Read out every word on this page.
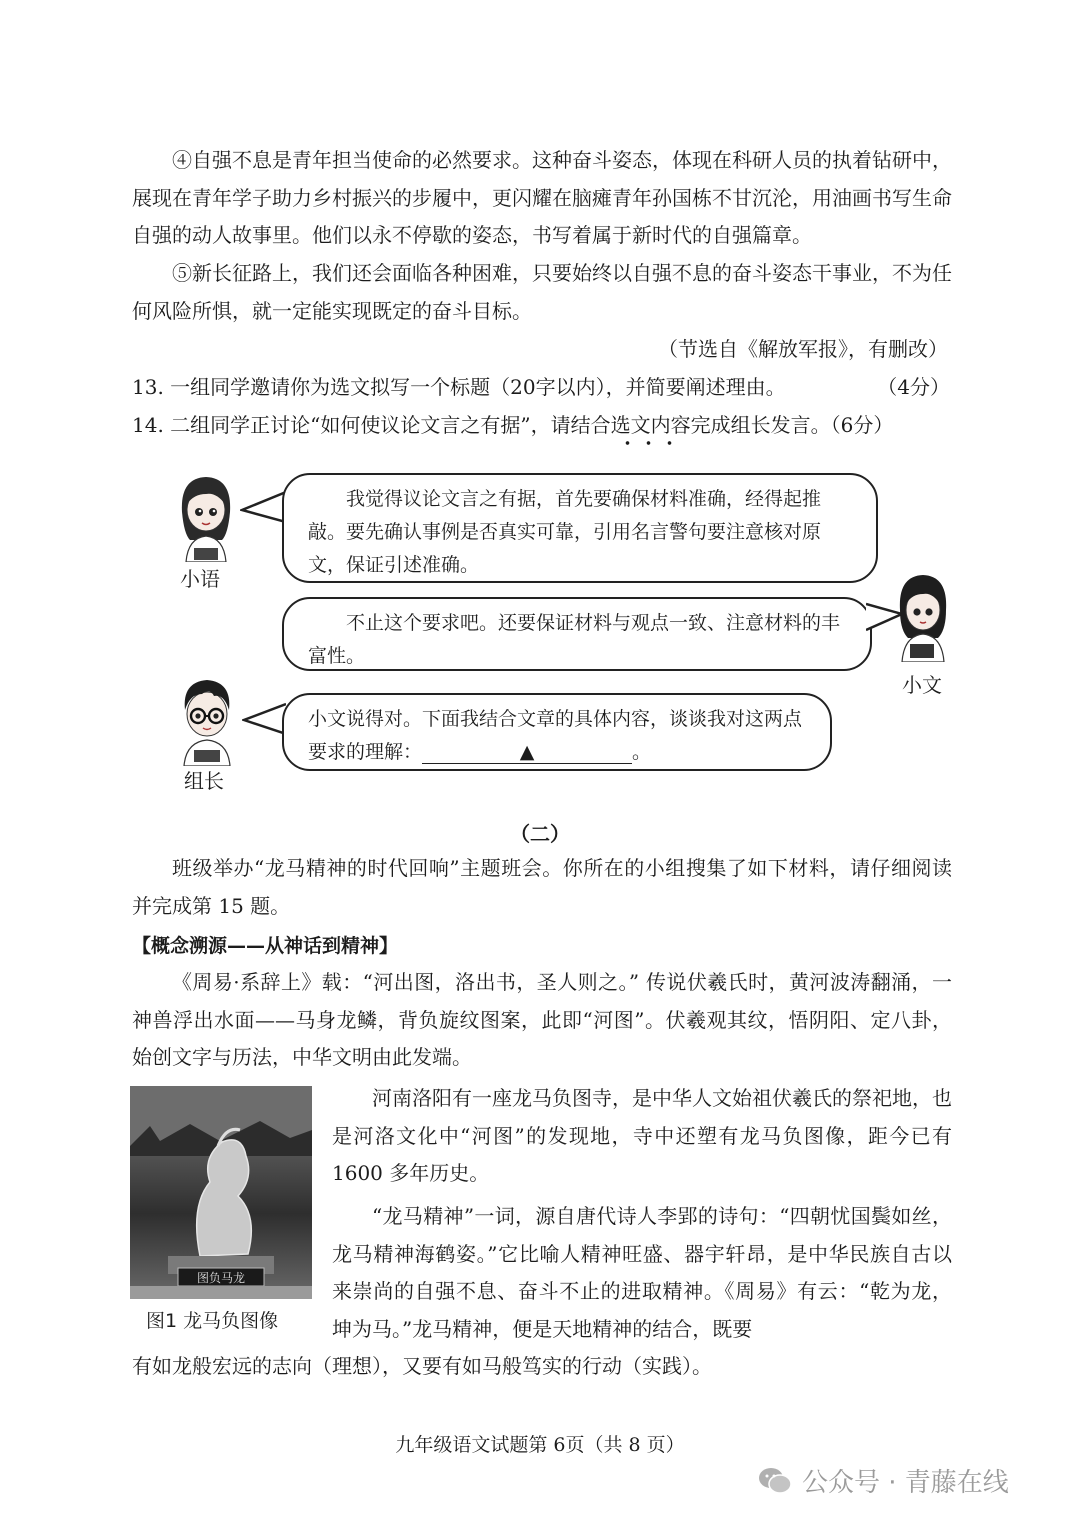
④自强不息是青年担当使命的必然要求。这种奋斗姿态，体现在科研人员的执着钻研中，展现在青年学子助力乡村振兴的步履中，更闪耀在脑瘫青年孙国栋不甘沉沦，用油画书写生命自强的动人故事里。他们以永不停歇的姿态，书写着属于新时代的自强篇章。

⑤新长征路上，我们还会面临各种困难，只要始终以自强不息的奋斗姿态干事业，不为任何风险所惧，就一定能实现既定的奋斗目标。

（节选自《解放军报》，有删改）

13. 一组同学邀请你为选文拟写一个标题（20字以内），并简要阐述理由。	（4分）

14. 二组同学正讨论“如何使议论文言之有据”，请结合选文内容完成组长发言。（6分）

小语

我觉得议论文言之有据，首先要确保材料准确，经得起推敲。要先确认事例是否真实可靠，引用名言警句要注意核对原文，保证引述准确。

不止这个要求吧。还要保证材料与观点一致、注意材料的丰富性。

小文
组长

小文说得对。下面我结合文章的具体内容，谈谈我对这两点要求的理解：	▲	。

（二）

班级举办“龙马精神的时代回响”主题班会。你所在的小组搜集了如下材料，请仔细阅读并完成第 15 题。

【概念溯源——从神话到精神】

《周易·系辞上》载：“河出图，洛出书，圣人则之。” 传说伏羲氏时，黄河波涛翻涌，一神兽浮出水面——马身龙鳞，背负旋纹图案，此即“河图”。伏羲观其纹，悟阴阳、定八卦，始创文字与历法，中华文明由此发端。

图负马龙
图1 龙马负图像

河南洛阳有一座龙马负图寺，是中华人文始祖伏羲氏的祭祀地，也是河洛文化中“河图”的发现地，寺中还塑有龙马负图像，距今已有 1600 多年历史。

“龙马精神”一词，源自唐代诗人李郢的诗句：“四朝忧国鬓如丝，龙马精神海鹤姿。”它比喻人精神旺盛、器宇轩昂，是中华民族自古以来崇尚的自强不息、奋斗不止的进取精神。《周易》有云：“乾为龙，坤为马。”龙马精神，便是天地精神的结合，既要

有如龙般宏远的志向（理想），又要有如马般笃实的行动（实践）。

九年级语文试题第 6页（共 8 页）
公众号 · 青藤在线
